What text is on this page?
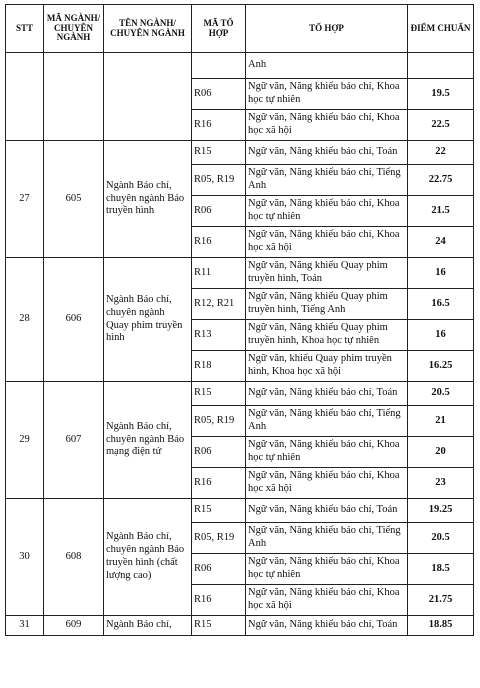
STT	MÃ NGÀNH/ CHUYÊN NGÀNH	TÊN NGÀNH/ CHUYÊN NGÀNH	MÃ TỔ HỢP	TỔ HỢP	ĐIỂM CHUẨN
				Anh	
			R06	Ngữ văn, Năng khiếu báo chí, Khoa học tự nhiên	19.5
			R16	Ngữ văn, Năng khiếu báo chí, Khoa học xã hội	22.5
27	605	Ngành Báo chí, chuyên ngành Báo truyền hình	R15	Ngữ văn, Năng khiếu báo chí, Toán	22
			R05, R19	Ngữ văn, Năng khiếu báo chí, Tiếng Anh	22.75
			R06	Ngữ văn, Năng khiếu báo chí, Khoa học tự nhiên	21.5
			R16	Ngữ văn, Năng khiếu báo chí, Khoa học xã hội	24
28	606	Ngành Báo chí, chuyên ngành Quay phim truyền hình	R11	Ngữ văn, Năng khiếu Quay phim truyền hình, Toán	16
			R12, R21	Ngữ văn, Năng khiếu Quay phim truyền hình, Tiếng Anh	16.5
			R13	Ngữ văn, Năng khiếu Quay phim truyền hình, Khoa học tự nhiên	16
			R18	Ngữ văn, khiếu Quay phim truyền hình, Khoa học xã hội	16.25
29	607	Ngành Báo chí, chuyên ngành Báo mạng điện tử	R15	Ngữ văn, Năng khiếu báo chí, Toán	20.5
			R05, R19	Ngữ văn, Năng khiếu báo chí, Tiếng Anh	21
			R06	Ngữ văn, Năng khiếu báo chí, Khoa học tự nhiên	20
			R16	Ngữ văn, Năng khiếu báo chí, Khoa học xã hội	23
30	608	Ngành Báo chí, chuyên ngành Báo truyền hình (chất lượng cao)	R15	Ngữ văn, Năng khiếu báo chí, Toán	19.25
			R05, R19	Ngữ văn, Năng khiếu báo chí, Tiếng Anh	20.5
			R06	Ngữ văn, Năng khiếu báo chí, Khoa học tự nhiên	18.5
			R16	Ngữ văn, Năng khiếu báo chí, Khoa học xã hội	21.75
31	609	Ngành Báo chí,	R15	Ngữ văn, Năng khiếu báo chí, Toán	18.85
